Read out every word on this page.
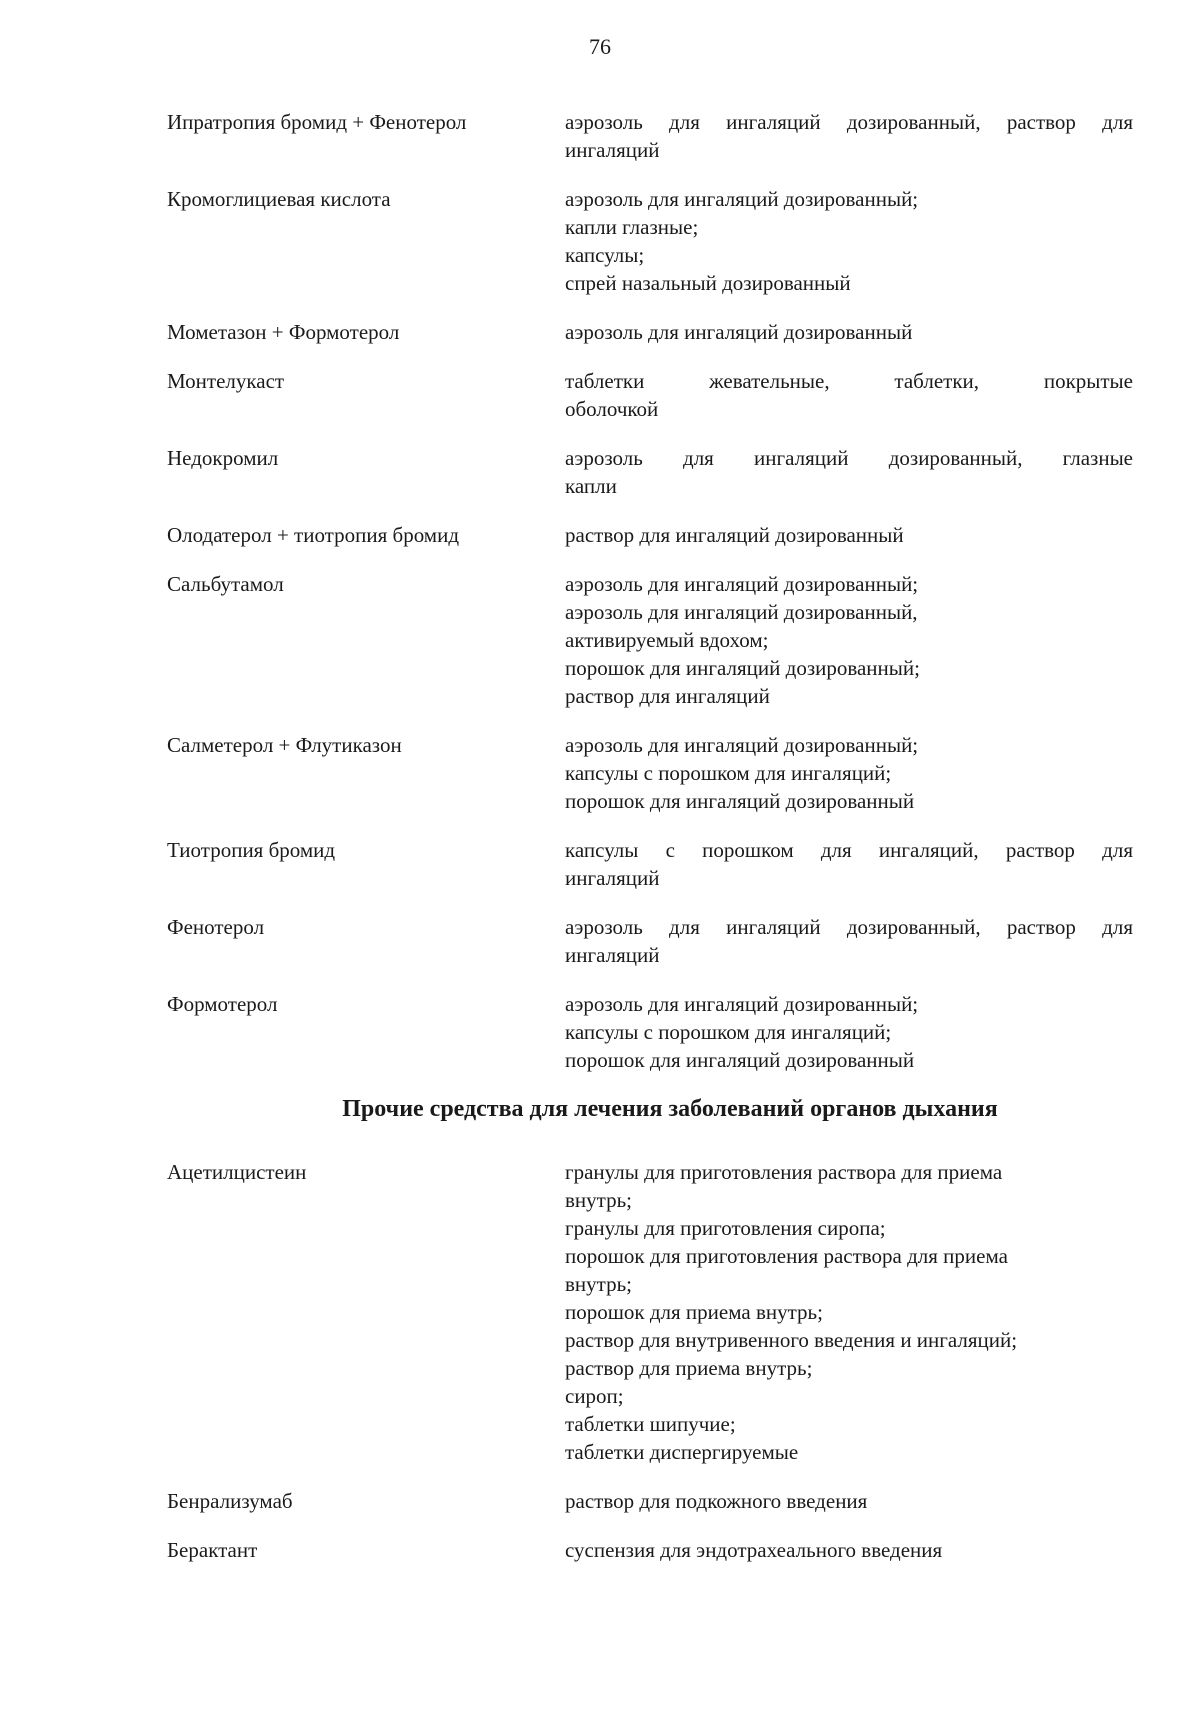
76
Ипратропия бромид + Фенотерол	аэрозоль для ингаляций дозированный, раствор для
ингаляций
Кромоглициевая кислота	аэрозоль для ингаляций дозированный;
капли глазные;
капсулы;
спрей назальный дозированный
Мометазон + Формотерол	аэрозоль для ингаляций дозированный
Монтелукаст	таблетки жевательные, таблетки, покрытые
оболочкой
Недокромил	аэрозоль для ингаляций дозированный, глазные
капли
Олодатерол + тиотропия бромид	раствор для ингаляций дозированный
Сальбутамол	аэрозоль для ингаляций дозированный;
аэрозоль для ингаляций дозированный,
активируемый вдохом;
порошок для ингаляций дозированный;
раствор для ингаляций
Салметерол + Флутиказон	аэрозоль для ингаляций дозированный;
капсулы с порошком для ингаляций;
порошок для ингаляций дозированный
Тиотропия бромид	капсулы с порошком для ингаляций, раствор для
ингаляций
Фенотерол	аэрозоль для ингаляций дозированный, раствор для
ингаляций
Формотерол	аэрозоль для ингаляций дозированный;
капсулы с порошком для ингаляций;
порошок для ингаляций дозированный
Прочие средства для лечения заболеваний органов дыхания
Ацетилцистеин	гранулы для приготовления раствора для приема
внутрь;
гранулы для приготовления сиропа;
порошок для приготовления раствора для приема
внутрь;
порошок для приема внутрь;
раствор для внутривенного введения и ингаляций;
раствор для приема внутрь;
сироп;
таблетки шипучие;
таблетки диспергируемые
Бенрализумаб	раствор для подкожного введения
Берактант	суспензия для эндотрахеального введения
